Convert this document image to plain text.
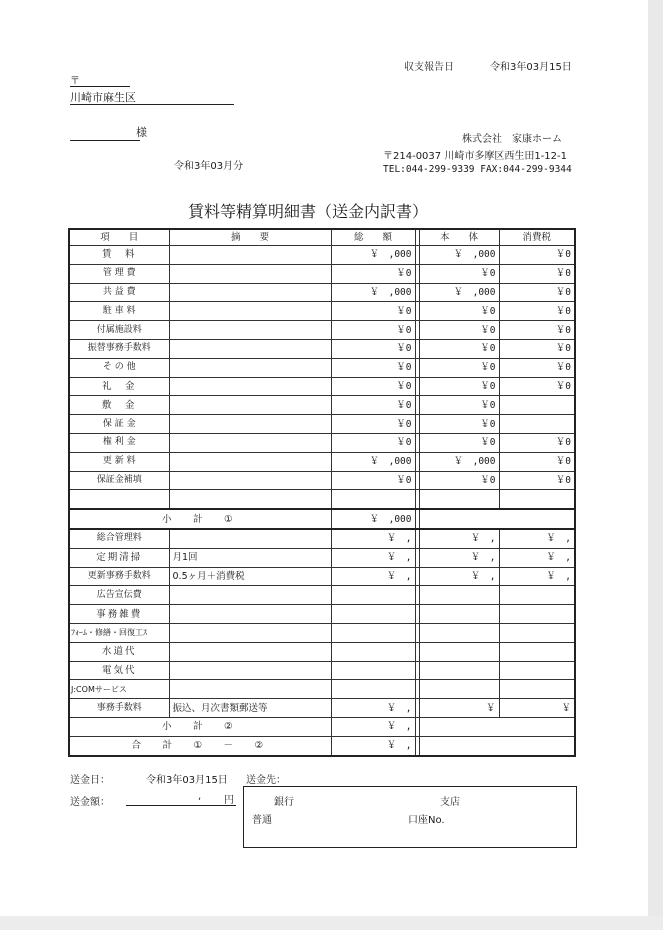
収支報告日	令和3年03月15日
〒
川崎市麻生区
様
令和3年03月分
株式会社　家康ホーム
〒214-0037 川崎市多摩区西生田1-12-1
TEL:044-299-9339 FAX:044-299-9344
賃料等精算明細書（送金内訳書）
項　　目	摘　　要	総　　額		本　　体	消費税
賃　料		￥　,000		￥　,000	￥0
管 理 費		￥0		￥0	￥0
共 益 費		￥　,000		￥　,000	￥0
駐 車 料		￥0		￥0	￥0
付属施設料		￥0		￥0	￥0
振替事務手数料		￥0		￥0	￥0
そ の 他		￥0		￥0	￥0
礼　金		￥0		￥0	￥0
敷　金		￥0		￥0	
保 証 金		￥0		￥0	
権 利 金		￥0		￥0	￥0
更 新 料		￥　,000		￥　,000	￥0
保証金補填		￥0		￥0	￥0

小　計　①		￥　,000			
総合管理料		￥　,		￥　,	￥　,
定期清掃	月1回	￥　,		￥　,	￥　,
更新事務手数料	0.5ヶ月＋消費税	￥　,		￥　,	￥　,
広告宣伝費					
事務雑費					
ﾌｫｰﾑ・修繕・回復工ｽ					
水道代					
電気代					
J:COMサービス					
事務手数料	振込、月次書類郵送等	￥　,		￥	￥
小　計　②		￥　,			
合　計　①　－　②		￥　,			
送金日：	令和3年03月15日 送金先：
送金額：
, 円	銀行	支店
普通	口座No.
